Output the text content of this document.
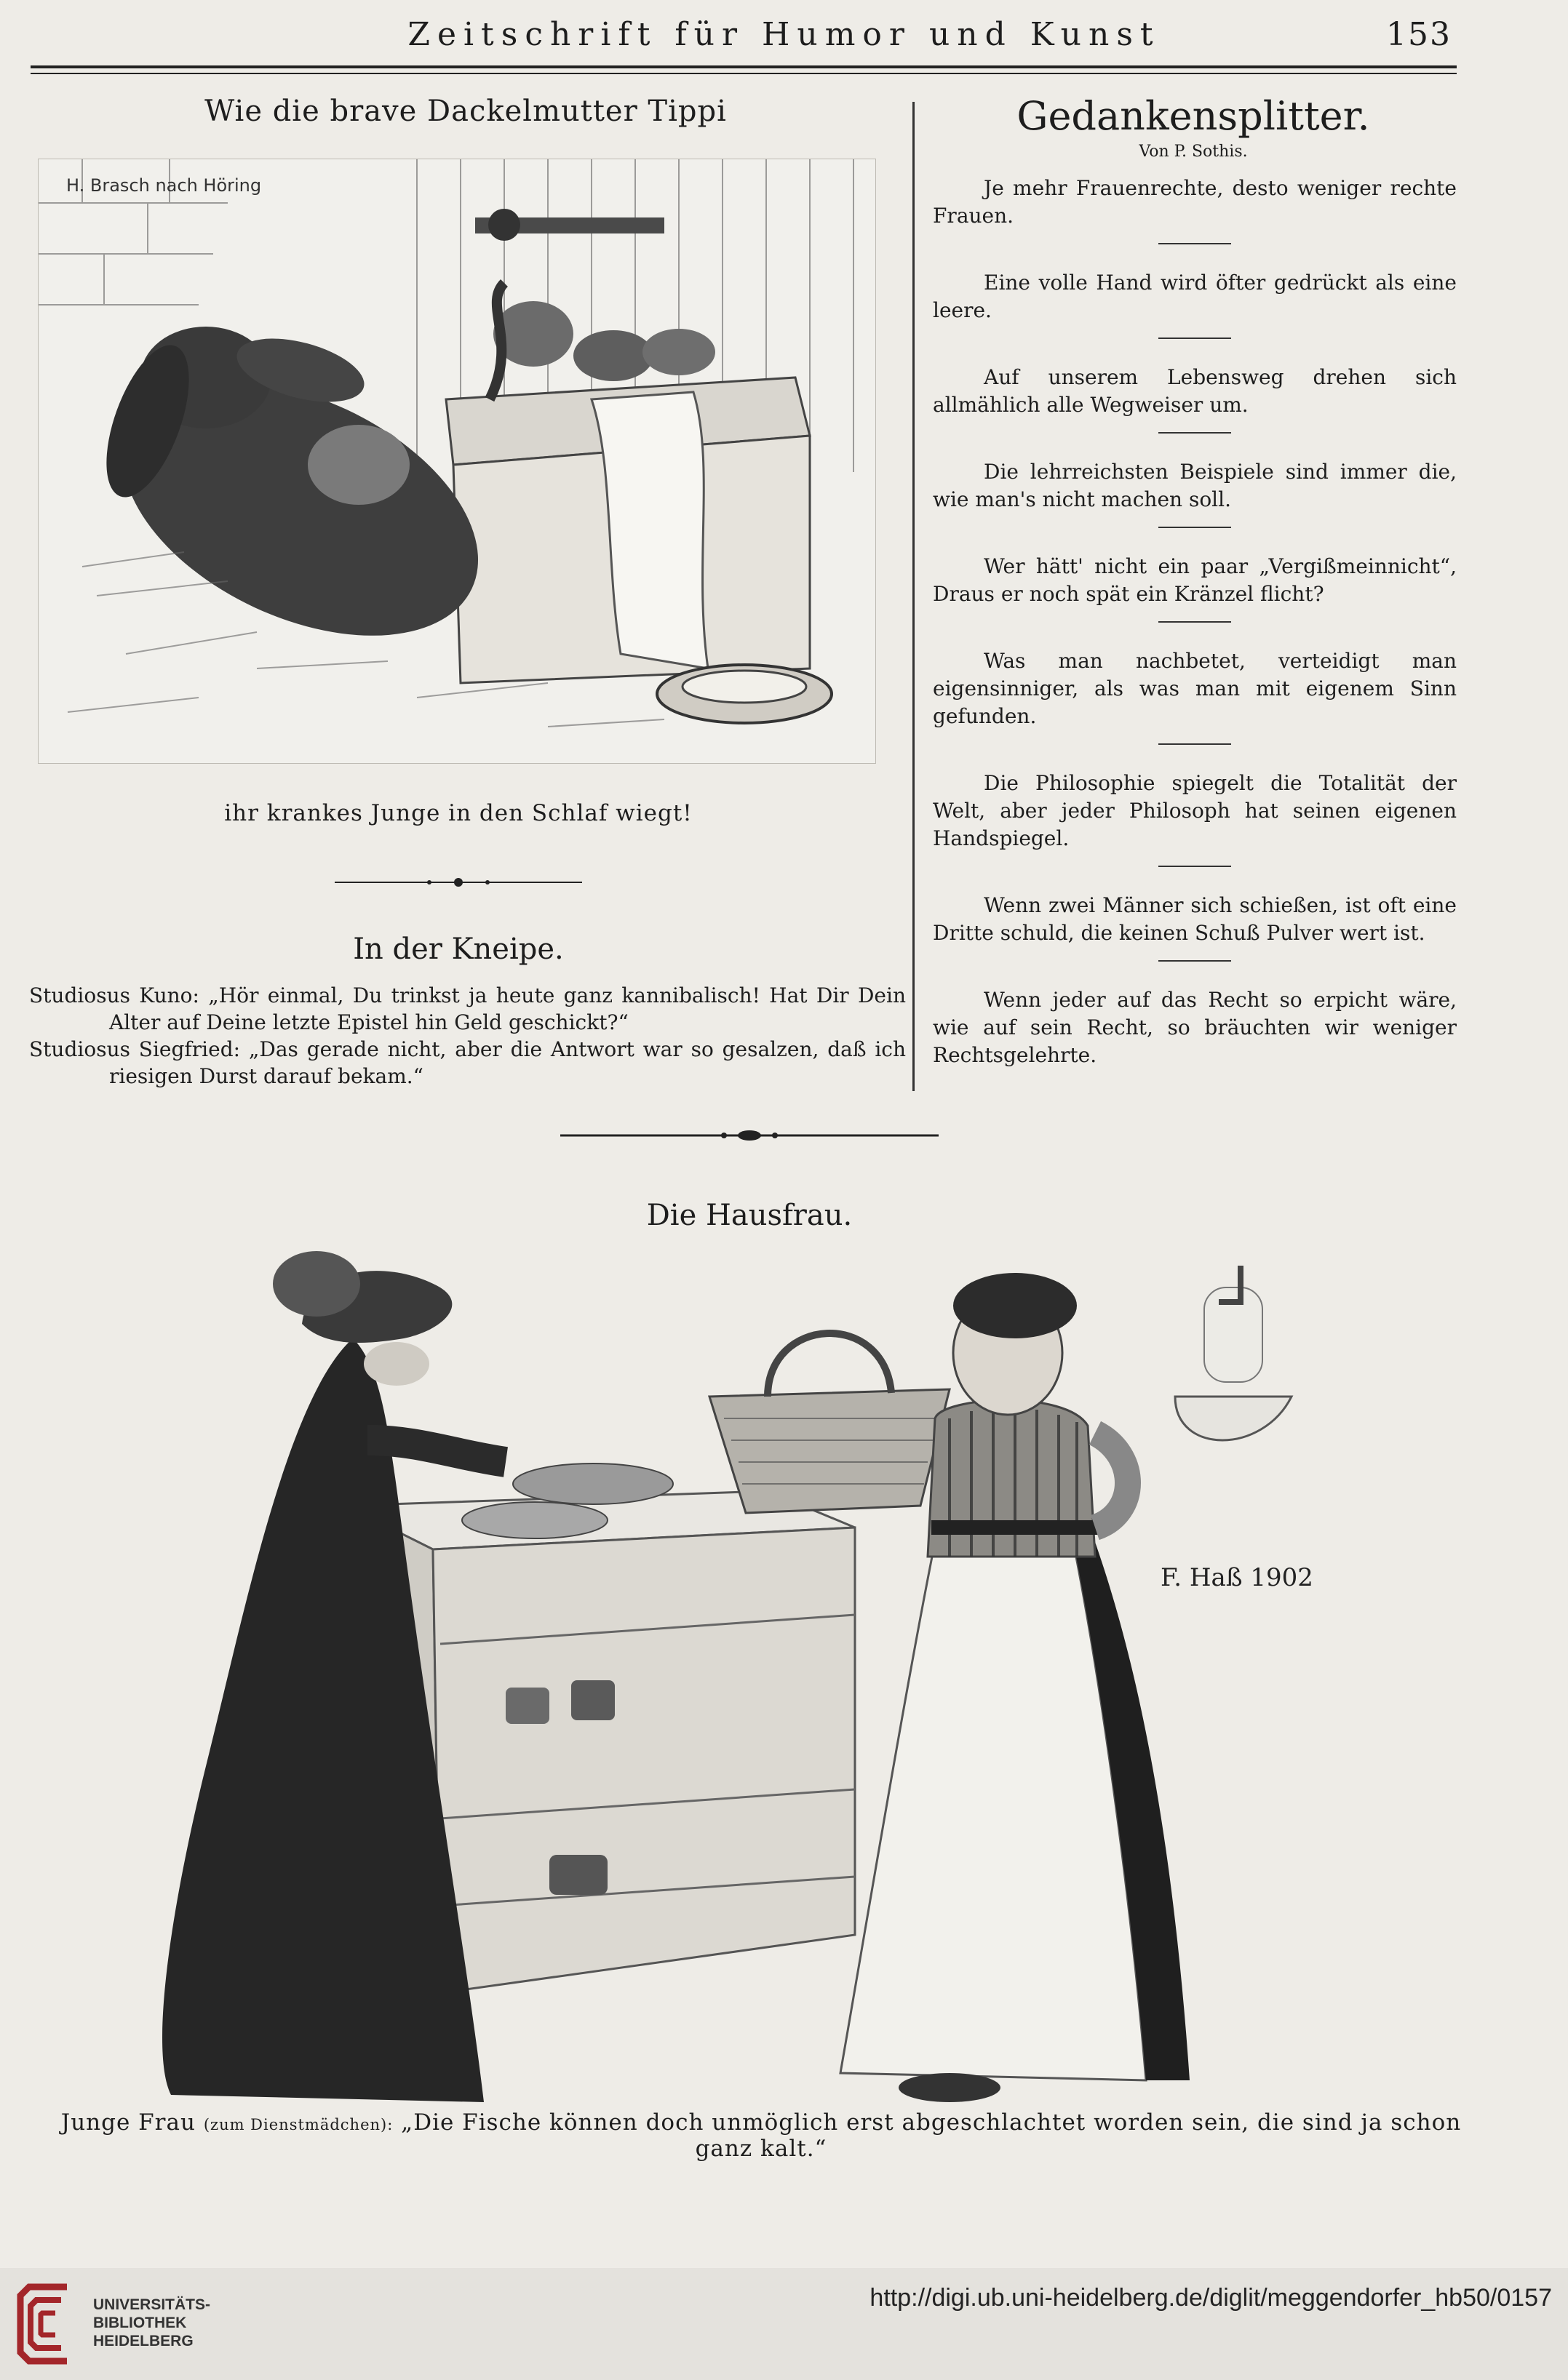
Zeitschrift für Humor und Kunst	153
Wie die brave Dackelmutter Tippi
H. Brasch nach Höring
ihr krankes Junge in den Schlaf wiegt!
In der Kneipe.

Studiosus Kuno: „Hör einmal, Du trinkst ja heute ganz kannibalisch! Hat Dir Dein Alter auf Deine letzte Epistel hin Geld geschickt?“

Studiosus Siegfried: „Das gerade nicht, aber die Antwort war so gesalzen, daß ich riesigen Durst darauf bekam.“

Gedankensplitter.
Von P. Sothis.

Je mehr Frauenrechte, desto weniger rechte Frauen.

Eine volle Hand wird öfter gedrückt als eine leere.

Auf unserem Lebensweg drehen sich allmählich alle Wegweiser um.

Die lehrreichsten Beispiele sind immer die, wie man's nicht machen soll.

Wer hätt' nicht ein paar „Vergißmeinnicht“, Draus er noch spät ein Kränzel flicht?

Was man nachbetet, verteidigt man eigensinniger, als was man mit eigenem Sinn gefunden.

Die Philosophie spiegelt die Totalität der Welt, aber jeder Philosoph hat seinen eigenen Handspiegel.

Wenn zwei Männer sich schießen, ist oft eine Dritte schuld, die keinen Schuß Pulver wert ist.

Wenn jeder auf das Recht so erpicht wäre, wie auf sein Recht, so bräuchten wir weniger Rechtsgelehrte.

Die Hausfrau.
F. Haß 1902
Junge Frau (zum Dienstmädchen): „Die Fische können doch unmöglich erst abgeschlachtet worden sein, die sind ja schon ganz kalt.“
UNIVERSITÄTS-
BIBLIOTHEK
HEIDELBERG
http://digi.ub.uni-heidelberg.de/diglit/meggendorfer_hb50/0157
